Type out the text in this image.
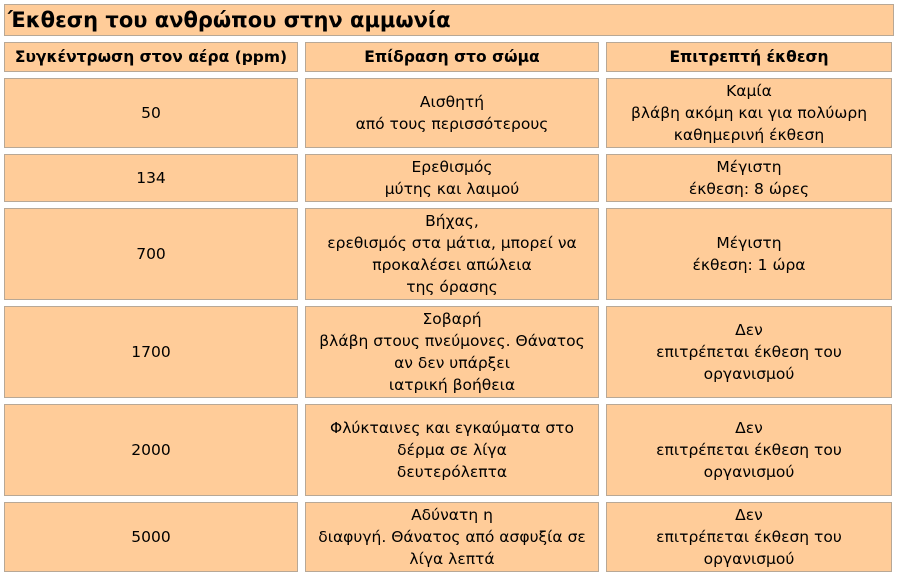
Έκθεση του ανθρώπου στην αμμωνία
Συγκέντρωση στον αέρα (ppm)	Επίδραση στο σώμα	Επιτρεπτή έκθεση
50
Αισθητή
από τους περισσότερους
Καμία
βλάβη ακόμη και για πολύωρη
καθημερινή έκθεση
134
Ερεθισμός
μύτης και λαιμού
Μέγιστη
έκθεση: 8 ώρες
700
Βήχας,
ερεθισμός στα μάτια, μπορεί να
προκαλέσει απώλεια
της όρασης
Μέγιστη
έκθεση: 1 ώρα
1700
Σοβαρή
βλάβη στους πνεύμονες. Θάνατος
αν δεν υπάρξει
ιατρική βοήθεια
Δεν
επιτρέπεται έκθεση του
οργανισμού
2000
Φλύκταινες και εγκαύματα στο
δέρμα σε λίγα
δευτερόλεπτα
Δεν
επιτρέπεται έκθεση του
οργανισμού
5000
Αδύνατη η
διαφυγή. Θάνατος από ασφυξία σε
λίγα λεπτά
Δεν
επιτρέπεται έκθεση του
οργανισμού
